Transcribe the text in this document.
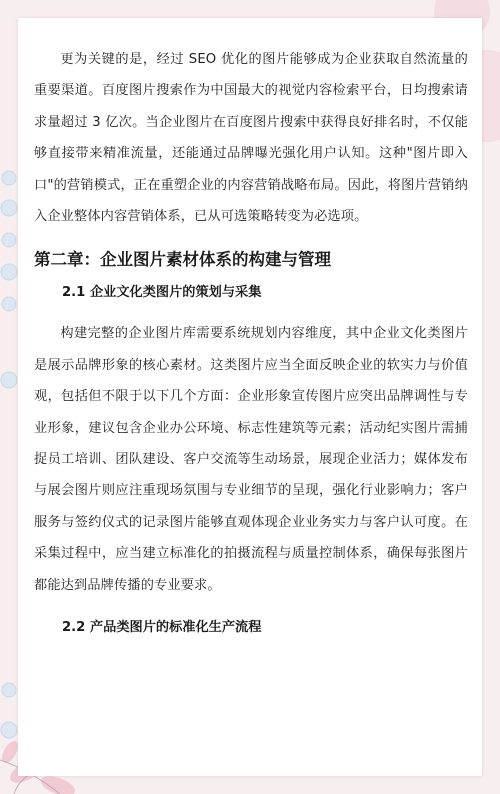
更为关键的是，经过 SEO 优化的图片能够成为企业获取自然流量的重要渠道。百度图片搜索作为中国最大的视觉内容检索平台，日均搜索请求量超过 3 亿次。当企业图片在百度图片搜索中获得良好排名时，不仅能够直接带来精准流量，还能通过品牌曝光强化用户认知。这种"图片即入口"的营销模式，正在重塑企业的内容营销战略布局。因此，将图片营销纳入企业整体内容营销体系，已从可选策略转变为必选项。

第二章：企业图片素材体系的构建与管理
2.1 企业文化类图片的策划与采集

构建完整的企业图片库需要系统规划内容维度，其中企业文化类图片是展示品牌形象的核心素材。这类图片应当全面反映企业的软实力与价值观，包括但不限于以下几个方面：企业形象宣传图片应突出品牌调性与专业形象，建议包含企业办公环境、标志性建筑等元素；活动纪实图片需捕捉员工培训、团队建设、客户交流等生动场景，展现企业活力；媒体发布与展会图片则应注重现场氛围与专业细节的呈现，强化行业影响力；客户服务与签约仪式的记录图片能够直观体现企业业务实力与客户认可度。在采集过程中，应当建立标准化的拍摄流程与质量控制体系，确保每张图片都能达到品牌传播的专业要求。

2.2 产品类图片的标准化生产流程
